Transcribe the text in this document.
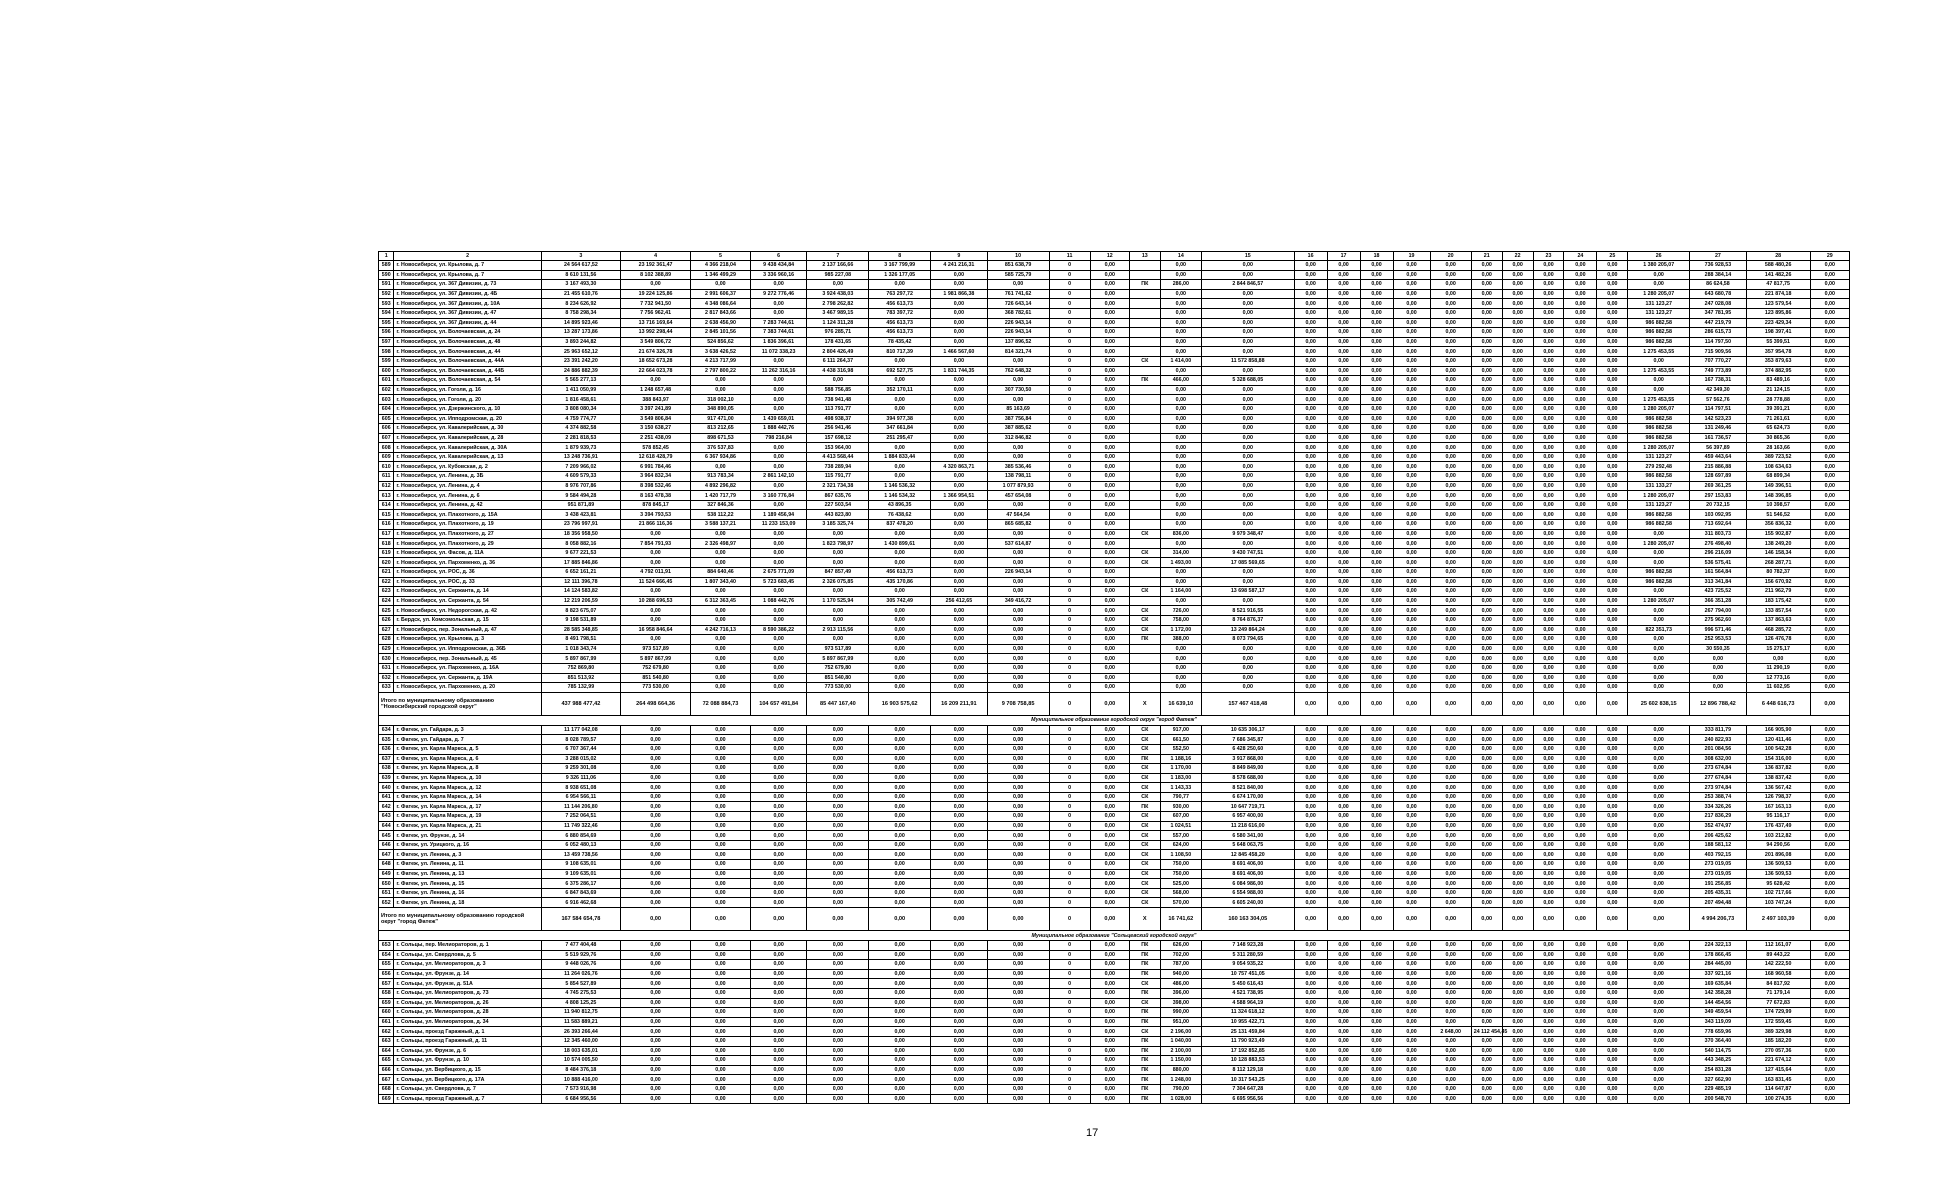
1	2	3	4	5	6	7	8	9	10	11	12	13	14	15	16	17	18	19	20	21	22	23	24	25	26	27	28	29
589	г. Новосибирск, ул. Крылова, д. 7	24 564 617,52	23 192 361,47	4 366 218,04	9 438 434,84	2 137 166,66	3 167 799,99	4 241 216,31	851 638,79	0	0,00		0,00	0,00	0,00	0,00	0,00	0,00	0,00	0,00	0,00	0,00	0,00	0,00	1 380 205,07	736 928,53	588 480,26	0,00
590	г. Новосибирск, ул. Крылова, д. 7	8 610 131,56	8 102 388,89	1 346 499,29	3 336 960,16	985 227,08	1 326 177,05	0,00	585 725,79	0	0,00		0,00	0,00	0,00	0,00	0,00	0,00	0,00	0,00	0,00	0,00	0,00	0,00	0,00	288 384,14	141 482,26	0,00
591	г. Новосибирск, ул. 367 Дивизии, д. 73	3 167 493,30	0,00	0,00	0,00	0,00	0,00	0,00	0,00	0	0,00	ПК	286,00	2 844 846,57	0,00	0,00	0,00	0,00	0,00	0,00	0,00	0,00	0,00	0,00	0,00	86 624,58	47 817,75	0,00
592	г. Новосибирск, ул. 367 Дивизии, д. 4Б	21 455 610,76	19 224 125,86	2 991 606,37	9 272 776,46	3 924 438,03	763 297,72	1 981 866,38	761 741,62	0	0,00		0,00	0,00	0,00	0,00	0,00	0,00	0,00	0,00	0,00	0,00	0,00	0,00	1 280 205,07	643 680,78	221 874,18	0,00
593	г. Новосибирск, ул. 367 Дивизии, д. 10А	8 234 626,92	7 732 941,50	4 348 086,64	0,00	2 798 262,82	456 613,73	0,00	726 643,14	0	0,00		0,00	0,00	0,00	0,00	0,00	0,00	0,00	0,00	0,00	0,00	0,00	0,00	131 123,27	247 028,08	123 579,54	0,00
594	г. Новосибирск, ул. 367 Дивизии, д. 47	8 758 298,34	7 756 962,41	2 817 843,66	0,00	3 467 989,15	783 397,72	0,00	368 782,61	0	0,00		0,00	0,00	0,00	0,00	0,00	0,00	0,00	0,00	0,00	0,00	0,00	0,00	131 123,27	347 781,95	123 895,86	0,00
595	г. Новосибирск, ул. 367 Дивизии, д. 44	14 895 923,46	13 716 169,64	2 638 456,90	7 283 744,61	1 124 311,28	456 613,73	0,00	226 943,14	0	0,00		0,00	0,00	0,00	0,00	0,00	0,00	0,00	0,00	0,00	0,00	0,00	0,00	986 882,58	447 219,79	223 429,34	0,00
596	г. Новосибирск, ул. Волочаевская, д. 24	13 287 173,86	13 992 298,44	2 845 101,56	7 383 744,61	976 285,71	456 613,73	0,00	226 943,14	0	0,00		0,00	0,00	0,00	0,00	0,00	0,00	0,00	0,00	0,00	0,00	0,00	0,00	986 882,58	286 615,73	198 397,41	0,00
597	г. Новосибирск, ул. Волочаевская, д. 48	3 893 244,82	3 549 806,72	524 856,62	1 836 396,61	178 431,65	78 435,42	0,00	137 896,52	0	0,00		0,00	0,00	0,00	0,00	0,00	0,00	0,00	0,00	0,00	0,00	0,00	0,00	986 882,58	114 797,50	55 399,51	0,00
598	г. Новосибирск, ул. Волочаевская, д. 44	25 963 652,12	21 674 326,78	3 638 426,52	11 072 338,23	2 804 426,49	810 717,39	1 466 567,60	814 321,74	0	0,00		0,00	0,00	0,00	0,00	0,00	0,00	0,00	0,00	0,00	0,00	0,00	0,00	1 275 453,55	715 909,56	357 954,78	0,00
599	г. Новосибирск, ул. Волочаевская, д. 44А	23 391 242,20	18 652 673,28	4 213 717,99	0,00	6 111 264,37	0,00	0,00	0,00	0	0,00	СК	1 414,00	11 572 858,88	0,00	0,00	0,00	0,00	0,00	0,00	0,00	0,00	0,00	0,00	0,00	707 770,27	353 879,63	0,00
600	г. Новосибирск, ул. Волочаевская, д. 44Б	24 886 882,39	22 664 023,78	2 797 800,22	11 262 316,16	4 438 316,98	692 527,75	1 831 744,35	762 648,32	0	0,00		0,00	0,00	0,00	0,00	0,00	0,00	0,00	0,00	0,00	0,00	0,00	0,00	1 275 453,55	749 773,89	374 882,95	0,00
601	г. Новосибирск, ул. Волочаевская, д. 54	5 565 277,13	0,00	0,00	0,00	0,00	0,00	0,00	0,00	0	0,00	ПК	466,00	5 328 688,05	0,00	0,00	0,00	0,00	0,00	0,00	0,00	0,00	0,00	0,00	0,00	167 738,31	83 489,16	0,00
602	г. Новосибирск, ул. Гоголя, д. 16	1 411 050,99	1 248 657,48	0,00	0,00	588 756,85	352 170,11	0,00	307 730,50	0	0,00		0,00	0,00	0,00	0,00	0,00	0,00	0,00	0,00	0,00	0,00	0,00	0,00	0,00	42 349,30	21 124,15	0,00
603	г. Новосибирск, ул. Гоголя, д. 20	1 816 458,61	388 843,97	318 002,10	0,00	738 941,48	0,00	0,00	0,00	0	0,00		0,00	0,00	0,00	0,00	0,00	0,00	0,00	0,00	0,00	0,00	0,00	0,00	1 275 453,55	57 562,76	28 778,88	0,00
604	г. Новосибирск, ул. Дзержинского, д. 10	3 808 080,34	3 397 241,89	348 890,05	0,00	113 791,77	0,00	0,00	85 163,69	0	0,00		0,00	0,00	0,00	0,00	0,00	0,00	0,00	0,00	0,00	0,00	0,00	0,00	1 280 205,07	114 797,51	39 391,21	0,00
605	г. Новосибирск, ул. Ипподромская, д. 20	4 759 774,77	3 549 806,84	917 471,00	1 439 659,01	498 938,37	394 977,38	0,00	387 756,84	0	0,00		0,00	0,00	0,00	0,00	0,00	0,00	0,00	0,00	0,00	0,00	0,00	0,00	986 882,58	142 523,23	71 261,61	0,00
606	г. Новосибирск, ул. Кавалерийская, д. 30	4 374 882,58	3 150 638,27	813 212,65	1 888 442,76	256 941,46	347 661,84	0,00	387 885,62	0	0,00		0,00	0,00	0,00	0,00	0,00	0,00	0,00	0,00	0,00	0,00	0,00	0,00	986 882,58	131 249,46	65 624,73	0,00
607	г. Новосибирск, ул. Кавалерийская, д. 28	2 281 818,53	2 251 438,09	898 671,53	798 216,84	157 698,12	251 295,47	0,00	312 846,82	0	0,00		0,00	0,00	0,00	0,00	0,00	0,00	0,00	0,00	0,00	0,00	0,00	0,00	986 882,58	161 736,57	30 865,36	0,00
608	г. Новосибирск, ул. Кавалерийская, д. 30А	1 879 939,73	578 852,45	376 537,83	0,00	153 964,00	0,00	0,00	0,00	0	0,00		0,00	0,00	0,00	0,00	0,00	0,00	0,00	0,00	0,00	0,00	0,00	0,00	1 280 205,07	56 397,89	28 163,66	0,00
609	г. Новосибирск, ул. Кавалерийская, д. 13	13 248 736,91	12 618 428,79	6 367 934,86	0,00	4 413 568,44	1 884 833,44	0,00	0,00	0	0,00		0,00	0,00	0,00	0,00	0,00	0,00	0,00	0,00	0,00	0,00	0,00	0,00	131 123,27	459 443,64	389 723,52	0,00
610	г. Новосибирск, ул. Кубовская, д. 2	7 209 966,02	6 991 784,46	0,00	0,00	738 289,94	0,00	4 320 863,71	385 536,46	0	0,00		0,00	0,00	0,00	0,00	0,00	0,00	0,00	0,00	0,00	0,00	0,00	0,00	279 292,48	215 886,88	108 634,63	0,00
611	г. Новосибирск, ул. Ленина, д. 3Б	4 609 579,33	3 964 832,34	913 783,34	2 861 142,10	115 791,77	0,00	0,00	138 798,11	0	0,00		0,00	0,00	0,00	0,00	0,00	0,00	0,00	0,00	0,00	0,00	0,00	0,00	986 882,58	128 697,89	68 899,34	0,00
612	г. Новосибирск, ул. Ленина, д. 4	8 976 707,86	8 398 532,46	4 892 296,82	0,00	2 321 734,38	1 146 536,32	0,00	1 077 879,93	0	0,00		0,00	0,00	0,00	0,00	0,00	0,00	0,00	0,00	0,00	0,00	0,00	0,00	131 133,27	269 361,25	149 396,51	0,00
613	г. Новосибирск, ул. Ленина, д. 6	9 584 494,28	8 163 478,38	1 420 717,79	3 160 776,84	867 635,76	1 146 534,32	1 366 954,51	457 654,08	0	0,00		0,00	0,00	0,00	0,00	0,00	0,00	0,00	0,00	0,00	0,00	0,00	0,00	1 280 205,07	297 153,83	148 396,85	0,00
614	г. Новосибирск, ул. Ленина, д. 42	951 871,89	878 845,17	327 846,36	0,00	227 503,54	43 896,35	0,00	0,00	0	0,00		0,00	0,00	0,00	0,00	0,00	0,00	0,00	0,00	0,00	0,00	0,00	0,00	131 123,27	20 732,15	10 398,57	0,00
615	г. Новосибирск, ул. Плахотного, д. 15А	3 438 423,81	3 394 793,53	538 112,22	1 189 456,94	443 823,80	76 438,62	0,00	47 564,54	0	0,00		0,00	0,00	0,00	0,00	0,00	0,00	0,00	0,00	0,00	0,00	0,00	0,00	986 882,58	103 092,95	51 546,52	0,00
616	г. Новосибирск, ул. Плахотного, д. 19	23 796 997,91	21 866 116,36	3 588 137,21	11 233 153,09	3 185 325,74	837 478,20	0,00	865 685,82	0	0,00		0,00	0,00	0,00	0,00	0,00	0,00	0,00	0,00	0,00	0,00	0,00	0,00	986 882,58	713 692,64	356 836,32	0,00
617	г. Новосибирск, ул. Плахотного, д. 27	18 356 958,50	0,00	0,00	0,00	0,00	0,00	0,00	0,00	0	0,00	СК	836,00	9 979 348,47	0,00	0,00	0,00	0,00	0,00	0,00	0,00	0,00	0,00	0,00	0,00	311 803,73	155 902,87	0,00
618	г. Новосибирск, ул. Плахотного, д. 29	8 058 882,16	7 854 791,93	2 326 498,97	0,00	1 823 798,97	1 430 899,61	0,00	537 614,87	0	0,00		0,00	0,00	0,00	0,00	0,00	0,00	0,00	0,00	0,00	0,00	0,00	0,00	1 280 205,07	276 498,40	138 249,20	0,00
619	г. Новосибирск, ул. Фасов, д. 11А	9 677 221,53	0,00	0,00	0,00	0,00	0,00	0,00	0,00	0	0,00	СК	314,00	9 430 747,51	0,00	0,00	0,00	0,00	0,00	0,00	0,00	0,00	0,00	0,00	0,00	296 216,09	146 158,34	0,00
620	г. Новосибирск, ул. Пархоменко, д. 36	17 885 846,86	0,00	0,00	0,00	0,00	0,00	0,00	0,00	0	0,00	СК	1 493,00	17 085 569,65	0,00	0,00	0,00	0,00	0,00	0,00	0,00	0,00	0,00	0,00	0,00	536 575,41	268 287,71	0,00
621	г. Новосибирск, ул. РОС, д. 36	6 652 161,21	4 792 011,91	884 640,46	2 675 771,09	847 857,49	456 613,73	0,00	226 943,14	0	0,00		0,00	0,00	0,00	0,00	0,00	0,00	0,00	0,00	0,00	0,00	0,00	0,00	986 882,58	161 564,84	80 782,37	0,00
622	г. Новосибирск, ул. РОС, д. 33	12 111 396,78	11 524 666,45	1 807 343,40	5 723 683,45	2 326 075,85	435 170,86	0,00	0,00	0	0,00		0,00	0,00	0,00	0,00	0,00	0,00	0,00	0,00	0,00	0,00	0,00	0,00	986 882,58	313 341,84	156 670,92	0,00
623	г. Новосибирск, ул. Сержанта, д. 14	14 124 583,82	0,00	0,00	0,00	0,00	0,00	0,00	0,00	0	0,00	СК	1 164,00	13 698 587,17	0,00	0,00	0,00	0,00	0,00	0,00	0,00	0,00	0,00	0,00	0,00	423 725,52	211 962,79	0,00
624	г. Новосибирск, ул. Сержанта, д. 54	12 219 206,59	10 288 696,53	6 312 363,45	1 088 442,76	1 170 525,94	305 742,49	256 412,65	349 416,72	0	0,00		0,00	0,00	0,00	0,00	0,00	0,00	0,00	0,00	0,00	0,00	0,00	0,00	1 280 205,07	366 351,28	183 175,42	0,00
625	г. Новосибирск, ул. Недорогская, д. 42	8 823 675,07	0,00	0,00	0,00	0,00	0,00	0,00	0,00	0	0,00	СК	726,00	8 521 916,55	0,00	0,00	0,00	0,00	0,00	0,00	0,00	0,00	0,00	0,00	0,00	267 794,00	133 857,54	0,00
626	г. Бердск, ул. Комсомольская, д. 15	9 198 531,89	0,00	0,00	0,00	0,00	0,00	0,00	0,00	0	0,00	СК	758,00	8 764 876,37	0,00	0,00	0,00	0,00	0,00	0,00	0,00	0,00	0,00	0,00	0,00	275 962,60	137 863,63	0,00
627	г. Новосибирск, пер. Зональный, д. 47	28 585 348,85	16 958 846,64	4 242 716,13	8 590 386,22	2 913 115,56	0,00	0,00	0,00	0	0,00	СК	1 172,00	13 249 864,24	0,00	0,00	0,00	0,00	0,00	0,00	0,00	0,00	0,00	0,00	822 351,73	996 571,46	468 285,72	0,00
628	г. Новосибирск, ул. Крылова, д. 3	8 491 798,51	0,00	0,00	0,00	0,00	0,00	0,00	0,00	0	0,00	ПК	388,00	8 073 794,65	0,00	0,00	0,00	0,00	0,00	0,00	0,00	0,00	0,00	0,00	0,00	252 953,53	126 476,78	0,00
629	г. Новосибирск, ул. Ипподромская, д. 36Б	1 018 343,74	973 517,89	0,00	0,00	973 517,89	0,00	0,00	0,00	0	0,00		0,00	0,00	0,00	0,00	0,00	0,00	0,00	0,00	0,00	0,00	0,00	0,00	0,00	30 550,35	15 275,17	0,00
630	г. Новосибирск, пер. Зональный, д. 45	5 897 867,99	5 897 867,99	0,00	0,00	5 897 867,99	0,00	0,00	0,00	0	0,00		0,00	0,00	0,00	0,00	0,00	0,00	0,00	0,00	0,00	0,00	0,00	0,00	0,00	0,00	0,00	0,00
631	г. Новосибирск, ул. Пархоменко, д. 16А	752 869,80	752 679,80	0,00	0,00	752 679,80	0,00	0,00	0,00	0	0,00		0,00	0,00	0,00	0,00	0,00	0,00	0,00	0,00	0,00	0,00	0,00	0,00	0,00	0,00	11 290,19	0,00
632	г. Новосибирск, ул. Сержанта, д. 19А	851 513,92	851 540,80	0,00	0,00	851 540,80	0,00	0,00	0,00	0	0,00		0,00	0,00	0,00	0,00	0,00	0,00	0,00	0,00	0,00	0,00	0,00	0,00	0,00	0,00	12 773,16	0,00
633	г. Новосибирск, ул. Пархоменко, д. 20	785 132,99	773 530,00	0,00	0,00	773 530,00	0,00	0,00	0,00	0	0,00		0,00	0,00	0,00	0,00	0,00	0,00	0,00	0,00	0,00	0,00	0,00	0,00	0,00	0,00	11 602,95	0,00
Итого по муниципальному образованию "Новосибирский городской округ"		437 988 477,42	264 498 664,36	72 088 884,73	104 657 491,84	85 447 167,40	16 903 575,62	16 209 211,91	9 708 758,85	0	0,00	Х	16 639,10	157 467 418,48	0,00	0,00	0,00	0,00	0,00	0,00	0,00	0,00	0,00	0,00	25 602 838,15	12 896 788,42	6 448 616,73	0,00
Муниципальное образование городской округ "город Фатеж"																												
634	г. Фатеж, ул. Гайдара, д. 3	11 177 042,08	0,00	0,00	0,00	0,00	0,00	0,00	0,00	0	0,00	СК	917,00	10 635 306,17	0,00	0,00	0,00	0,00	0,00	0,00	0,00	0,00	0,00	0,00	0,00	333 811,79	166 905,90	0,00
635	г. Фатеж, ул. Гайдара, д. 7	8 028 789,57	0,00	0,00	0,00	0,00	0,00	0,00	0,00	0	0,00	СК	661,50	7 686 345,87	0,00	0,00	0,00	0,00	0,00	0,00	0,00	0,00	0,00	0,00	0,00	240 822,93	120 411,46	0,00
636	г. Фатеж, ул. Карла Маркса, д. 5	6 707 367,44	0,00	0,00	0,00	0,00	0,00	0,00	0,00	0	0,00	СК	552,50	6 428 250,60	0,00	0,00	0,00	0,00	0,00	0,00	0,00	0,00	0,00	0,00	0,00	201 084,56	100 542,28	0,00
637	г. Фатеж, ул. Карла Маркса, д. 6	3 288 015,02	0,00	0,00	0,00	0,00	0,00	0,00	0,00	0	0,00	ПК	1 188,16	3 917 868,00	0,00	0,00	0,00	0,00	0,00	0,00	0,00	0,00	0,00	0,00	0,00	308 632,00	154 316,00	0,00
638	г. Фатеж, ул. Карла Маркса, д. 8	9 259 301,08	0,00	0,00	0,00	0,00	0,00	0,00	0,00	0	0,00	СК	1 170,00	8 849 849,00	0,00	0,00	0,00	0,00	0,00	0,00	0,00	0,00	0,00	0,00	0,00	273 674,84	136 837,82	0,00
639	г. Фатеж, ул. Карла Маркса, д. 10	9 326 111,06	0,00	0,00	0,00	0,00	0,00	0,00	0,00	0	0,00	СК	1 183,00	8 578 688,00	0,00	0,00	0,00	0,00	0,00	0,00	0,00	0,00	0,00	0,00	0,00	277 674,84	138 837,42	0,00
640	г. Фатеж, ул. Карла Маркса, д. 12	8 938 651,08	0,00	0,00	0,00	0,00	0,00	0,00	0,00	0	0,00	СК	1 143,33	8 521 840,00	0,00	0,00	0,00	0,00	0,00	0,00	0,00	0,00	0,00	0,00	0,00	273 974,84	136 567,42	0,00
641	г. Фатеж, ул. Карла Маркса, д. 14	6 954 566,11	0,00	0,00	0,00	0,00	0,00	0,00	0,00	0	0,00	СК	790,77	6 674 170,00	0,00	0,00	0,00	0,00	0,00	0,00	0,00	0,00	0,00	0,00	0,00	253 388,74	126 798,37	0,00
642	г. Фатеж, ул. Карла Маркса, д. 17	11 144 206,80	0,00	0,00	0,00	0,00	0,00	0,00	0,00	0	0,00	ПК	930,00	10 647 719,71	0,00	0,00	0,00	0,00	0,00	0,00	0,00	0,00	0,00	0,00	0,00	334 326,26	167 163,13	0,00
643	г. Фатеж, ул. Карла Маркса, д. 19	7 252 064,51	0,00	0,00	0,00	0,00	0,00	0,00	0,00	0	0,00	СК	607,00	6 957 400,00	0,00	0,00	0,00	0,00	0,00	0,00	0,00	0,00	0,00	0,00	0,00	217 836,29	95 116,17	0,00
644	г. Фатеж, ул. Карла Маркса, д. 21	11 749 322,46	0,00	0,00	0,00	0,00	0,00	0,00	0,00	0	0,00	СК	1 024,51	11 218 616,00	0,00	0,00	0,00	0,00	0,00	0,00	0,00	0,00	0,00	0,00	0,00	352 474,97	176 437,49	0,00
645	г. Фатеж, ул. Фрунзе, д. 14	6 880 854,69	0,00	0,00	0,00	0,00	0,00	0,00	0,00	0	0,00	СК	557,00	6 580 341,00	0,00	0,00	0,00	0,00	0,00	0,00	0,00	0,00	0,00	0,00	0,00	206 425,62	103 212,82	0,00
646	г. Фатеж, ул. Урицкого, д. 16	6 052 480,13	0,00	0,00	0,00	0,00	0,00	0,00	0,00	0	0,00	СК	624,00	5 648 063,75	0,00	0,00	0,00	0,00	0,00	0,00	0,00	0,00	0,00	0,00	0,00	188 581,12	94 290,56	0,00
647	г. Фатеж, ул. Ленина, д. 3	13 459 738,56	0,00	0,00	0,00	0,00	0,00	0,00	0,00	0	0,00	СК	1 108,50	12 845 458,20	0,00	0,00	0,00	0,00	0,00	0,00	0,00	0,00	0,00	0,00	0,00	403 792,15	201 896,08	0,00
648	г. Фатеж, ул. Ленина, д. 11	9 108 635,01	0,00	0,00	0,00	0,00	0,00	0,00	0,00	0	0,00	СК	750,00	8 691 406,00	0,00	0,00	0,00	0,00	0,00	0,00	0,00	0,00	0,00	0,00	0,00	273 019,05	136 509,53	0,00
649	г. Фатеж, ул. Ленина, д. 13	9 109 635,01	0,00	0,00	0,00	0,00	0,00	0,00	0,00	0	0,00	СК	750,00	8 691 406,00	0,00	0,00	0,00	0,00	0,00	0,00	0,00	0,00	0,00	0,00	0,00	273 019,05	136 509,53	0,00
650	г. Фатеж, ул. Ленина, д. 15	6 375 286,17	0,00	0,00	0,00	0,00	0,00	0,00	0,00	0	0,00	СК	525,00	6 084 986,00	0,00	0,00	0,00	0,00	0,00	0,00	0,00	0,00	0,00	0,00	0,00	191 256,85	95 628,42	0,00
651	г. Фатеж, ул. Ленина, д. 16	6 847 843,69	0,00	0,00	0,00	0,00	0,00	0,00	0,00	0	0,00	СК	568,00	6 554 988,00	0,00	0,00	0,00	0,00	0,00	0,00	0,00	0,00	0,00	0,00	0,00	205 435,31	102 717,66	0,00
652	г. Фатеж, ул. Ленина, д. 18	6 916 462,68	0,00	0,00	0,00	0,00	0,00	0,00	0,00	0	0,00	СК	570,00	6 605 240,00	0,00	0,00	0,00	0,00	0,00	0,00	0,00	0,00	0,00	0,00	0,00	207 494,48	103 747,24	0,00
Итого по муниципальному образованию городской округ "город Фатеж"		167 584 654,78	0,00	0,00	0,00	0,00	0,00	0,00	0,00	0	0,00	Х	16 741,62	160 163 304,05	0,00	0,00	0,00	0,00	0,00	0,00	0,00	0,00	0,00	0,00	0,00	4 994 206,73	2 497 103,39	0,00
Муниципальное образование "Сольцевский городской округ"																												
653	г. Сольцы, пер. Мелиораторов, д. 1	7 477 404,48	0,00	0,00	0,00	0,00	0,00	0,00	0,00	0	0,00	ПК	626,00	7 148 923,28	0,00	0,00	0,00	0,00	0,00	0,00	0,00	0,00	0,00	0,00	0,00	224 322,13	112 161,07	0,00
654	г. Сольцы, ул. Свердлова, д. 5	5 519 929,76	0,00	0,00	0,00	0,00	0,00	0,00	0,00	0	0,00	ПК	702,00	5 311 280,59	0,00	0,00	0,00	0,00	0,00	0,00	0,00	0,00	0,00	0,00	0,00	178 866,45	89 443,22	0,00
655	г. Сольцы, ул. Мелиораторов, д. 3	9 448 026,76	0,00	0,00	0,00	0,00	0,00	0,00	0,00	0	0,00	ПК	787,00	9 054 935,22	0,00	0,00	0,00	0,00	0,00	0,00	0,00	0,00	0,00	0,00	0,00	284 445,00	142 222,50	0,00
656	г. Сольцы, ул. Фрунзе, д. 14	11 264 026,76	0,00	0,00	0,00	0,00	0,00	0,00	0,00	0	0,00	ПК	940,00	10 757 451,05	0,00	0,00	0,00	0,00	0,00	0,00	0,00	0,00	0,00	0,00	0,00	337 921,16	168 960,58	0,00
657	г. Сольцы, ул. Фрунзе, д. 51А	5 854 527,89	0,00	0,00	0,00	0,00	0,00	0,00	0,00	0	0,00	СК	486,00	5 450 616,43	0,00	0,00	0,00	0,00	0,00	0,00	0,00	0,00	0,00	0,00	0,00	169 635,84	84 817,92	0,00
658	г. Сольцы, ул. Мелиораторов, д. 73	4 745 275,53	0,00	0,00	0,00	0,00	0,00	0,00	0,00	0	0,00	ПК	396,00	4 521 738,95	0,00	0,00	0,00	0,00	0,00	0,00	0,00	0,00	0,00	0,00	0,00	142 358,28	71 179,14	0,00
659	г. Сольцы, ул. Мелиораторов, д. 26	4 808 125,25	0,00	0,00	0,00	0,00	0,00	0,00	0,00	0	0,00	СК	398,00	4 588 964,19	0,00	0,00	0,00	0,00	0,00	0,00	0,00	0,00	0,00	0,00	0,00	144 454,56	77 672,83	0,00
660	г. Сольцы, ул. Мелиораторов, д. 28	11 940 812,75	0,00	0,00	0,00	0,00	0,00	0,00	0,00	0	0,00	ПК	990,00	11 324 618,12	0,00	0,00	0,00	0,00	0,00	0,00	0,00	0,00	0,00	0,00	0,00	349 459,54	174 729,99	0,00
661	г. Сольцы, ул. Мелиораторов, д. 34	11 583 889,21	0,00	0,00	0,00	0,00	0,00	0,00	0,00	0	0,00	ПК	951,00	10 955 422,71	0,00	0,00	0,00	0,00	0,00	0,00	0,00	0,00	0,00	0,00	0,00	343 119,09	172 559,45	0,00
662	г. Сольцы, проезд Гаражный, д. 1	26 393 266,44	0,00	0,00	0,00	0,00	0,00	0,00	0,00	0	0,00	СК	2 196,00	25 131 459,84	0,00	0,00	0,00	0,00	2 648,00	24 112 454,45	0,00	0,00	0,00	0,00	0,00	778 659,96	389 329,98	0,00
663	г. Сольцы, проезд Гаражный, д. 11	12 345 460,00	0,00	0,00	0,00	0,00	0,00	0,00	0,00	0	0,00	ПК	1 040,00	11 790 923,49	0,00	0,00	0,00	0,00	0,00	0,00	0,00	0,00	0,00	0,00	0,00	370 364,40	185 182,20	0,00
664	г. Сольцы, ул. Фрунзе, д. 6	18 003 635,01	0,00	0,00	0,00	0,00	0,00	0,00	0,00	0	0,00	ПК	2 100,00	17 192 852,85	0,00	0,00	0,00	0,00	0,00	0,00	0,00	0,00	0,00	0,00	0,00	540 114,75	270 057,36	0,00
665	г. Сольцы, ул. Фрунзе, д. 10	10 574 005,50	0,00	0,00	0,00	0,00	0,00	0,00	0,00	0	0,00	ПК	1 150,00	10 128 883,53	0,00	0,00	0,00	0,00	0,00	0,00	0,00	0,00	0,00	0,00	0,00	443 348,25	221 674,12	0,00
666	г. Сольцы, ул. Вербицкого, д. 15	8 484 376,18	0,00	0,00	0,00	0,00	0,00	0,00	0,00	0	0,00	ПК	880,00	8 112 129,18	0,00	0,00	0,00	0,00	0,00	0,00	0,00	0,00	0,00	0,00	0,00	254 831,28	127 415,64	0,00
667	г. Сольцы, ул. Вербицкого, д. 17А	10 888 416,00	0,00	0,00	0,00	0,00	0,00	0,00	0,00	0	0,00	ПК	1 248,00	10 317 543,25	0,00	0,00	0,00	0,00	0,00	0,00	0,00	0,00	0,00	0,00	0,00	327 662,90	163 831,45	0,00
668	г. Сольцы, ул. Свердлова, д. 7	7 573 916,98	0,00	0,00	0,00	0,00	0,00	0,00	0,00	0	0,00	ПК	790,00	7 304 647,28	0,00	0,00	0,00	0,00	0,00	0,00	0,00	0,00	0,00	0,00	0,00	229 485,19	114 647,87	0,00
669	г. Сольцы, проезд Гаражный, д. 7	6 684 956,56	0,00	0,00	0,00	0,00	0,00	0,00	0,00	0	0,00	ПК	1 028,00	6 695 956,56	0,00	0,00	0,00	0,00	0,00	0,00	0,00	0,00	0,00	0,00	0,00	200 548,70	100 274,35	0,00
17
